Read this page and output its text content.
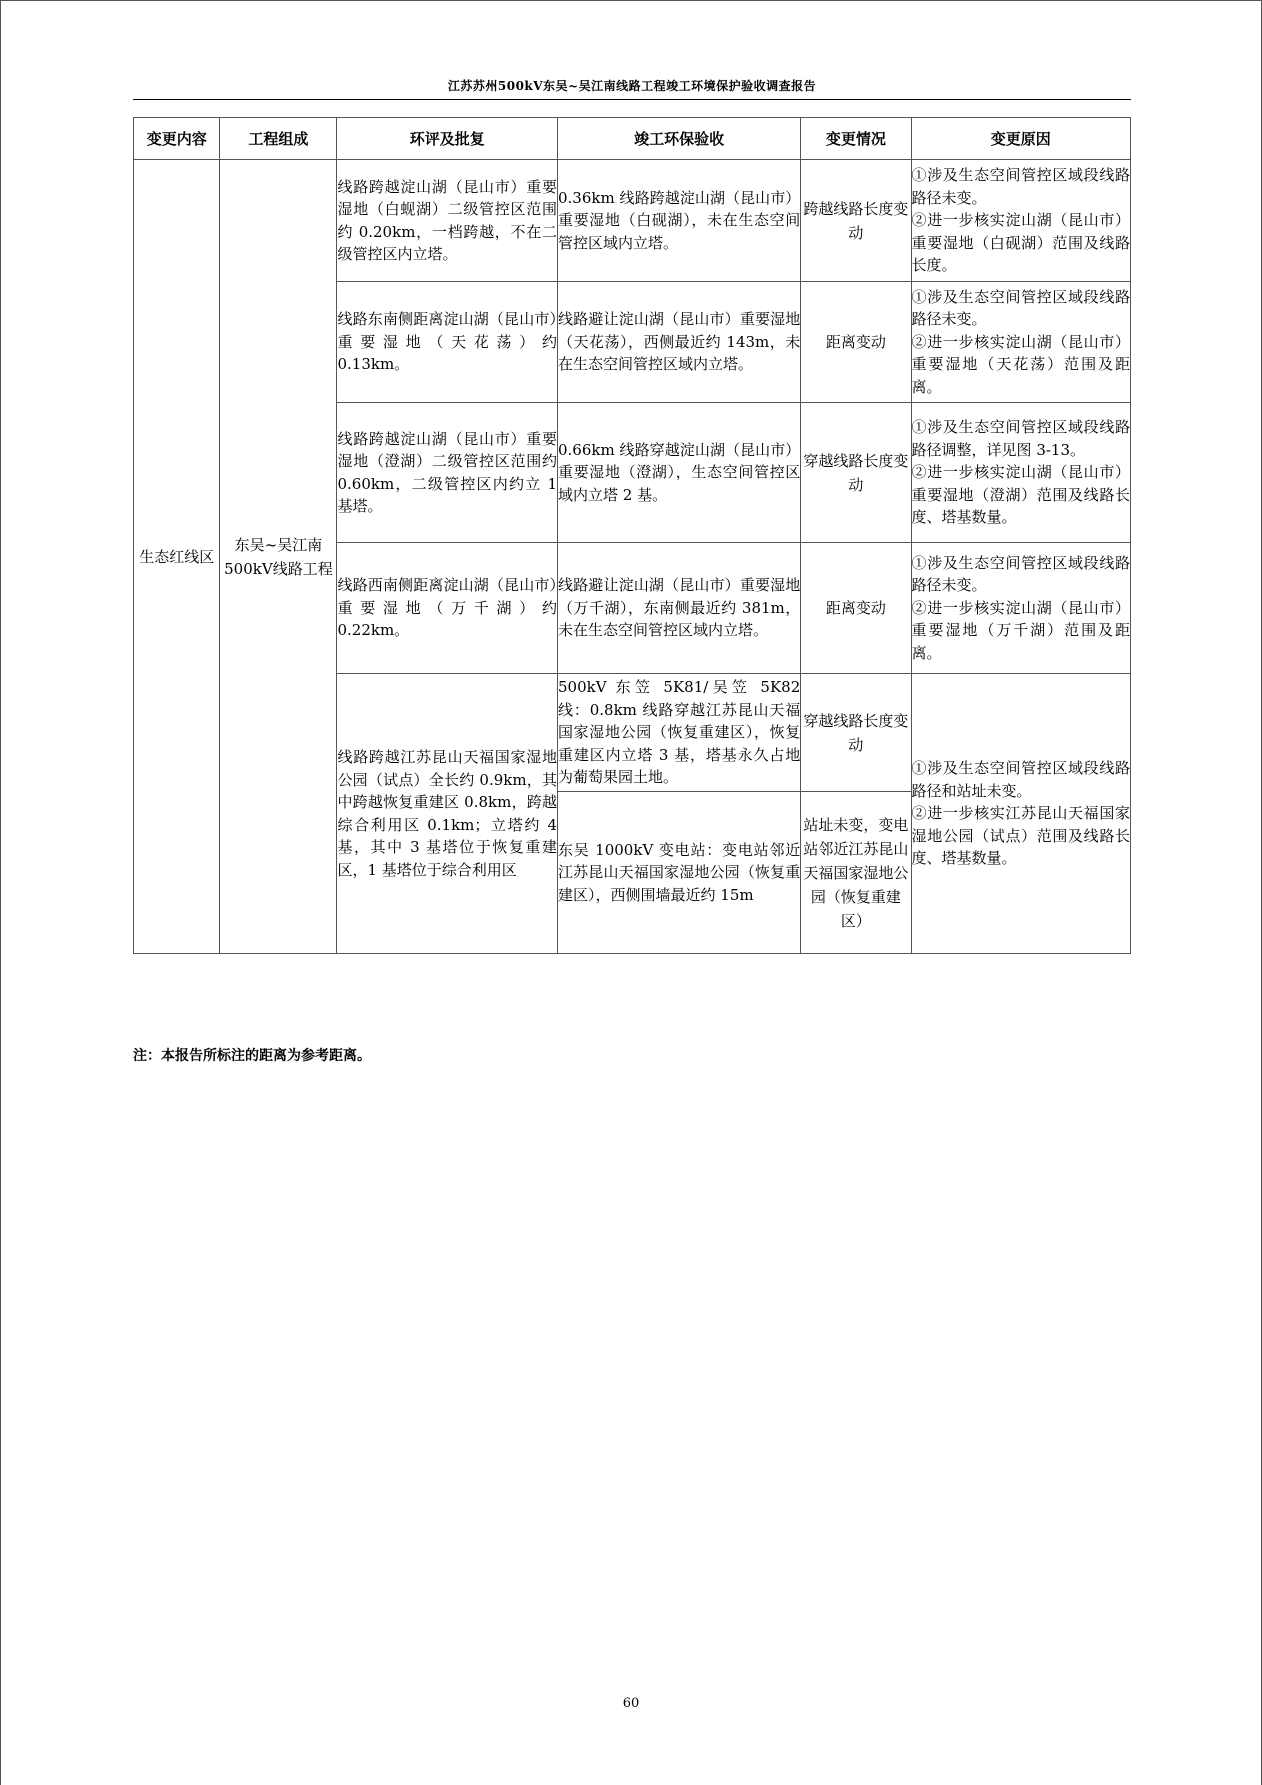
江苏苏州500kV东吴~吴江南线路工程竣工环境保护验收调查报告
变更内容	工程组成	环评及批复	竣工环保验收	变更情况	变更原因
生态红线区	东吴~吴江南500kV线路工程	线路跨越淀山湖（昆山市）重要湿地（白蚬湖）二级管控区范围约 0.20km，一档跨越，不在二级管控区内立塔。	0.36km 线路跨越淀山湖（昆山市）重要湿地（白砚湖），未在生态空间管控区域内立塔。	跨越线路长度变动	①涉及生态空间管控区域段线路路径未变。
②进一步核实淀山湖（昆山市）重要湿地（白砚湖）范围及线路长度。

		线路东南侧距离淀山湖（昆山市）重要湿地（天花荡）约 0.13km。	线路避让淀山湖（昆山市）重要湿地（天花荡），西侧最近约 143m，未在生态空间管控区域内立塔。	距离变动	①涉及生态空间管控区域段线路路径未变。
②进一步核实淀山湖（昆山市）重要湿地（天花荡）范围及距离。

		线路跨越淀山湖（昆山市）重要湿地（澄湖）二级管控区范围约 0.60km，二级管控区内约立 1 基塔。	0.66km 线路穿越淀山湖（昆山市）重要湿地（澄湖），生态空间管控区域内立塔 2 基。	穿越线路长度变动	①涉及生态空间管控区域段线路路径调整，详见图 3-13。
②进一步核实淀山湖（昆山市）重要湿地（澄湖）范围及线路长度、塔基数量。

		线路西南侧距离淀山湖（昆山市）重要湿地（万千湖）约 0.22km。	线路避让淀山湖（昆山市）重要湿地（万千湖），东南侧最近约 381m，未在生态空间管控区域内立塔。	距离变动	①涉及生态空间管控区域段线路路径未变。
②进一步核实淀山湖（昆山市）重要湿地（万千湖）范围及距离。

		线路跨越江苏昆山天福国家湿地公园（试点）全长约 0.9km，其中跨越恢复重建区 0.8km，跨越综合利用区 0.1km；立塔约 4 基，其中 3 基塔位于恢复重建区，1 基塔位于综合利用区	500kV 东笠 5K81/吴笠 5K82 线：0.8km 线路穿越江苏昆山天福国家湿地公园（恢复重建区），恢复重建区内立塔 3 基，塔基永久占地为葡萄果园土地。	穿越线路长度变动	①涉及生态空间管控区域段线路路径和站址未变。
②进一步核实江苏昆山天福国家湿地公园（试点）范围及线路长度、塔基数量。

			东吴 1000kV 变电站：变电站邻近江苏昆山天福国家湿地公园（恢复重建区），西侧围墙最近约 15m	站址未变，变电站邻近江苏昆山天福国家湿地公园（恢复重建区）	
注：本报告所标注的距离为参考距离。
60
